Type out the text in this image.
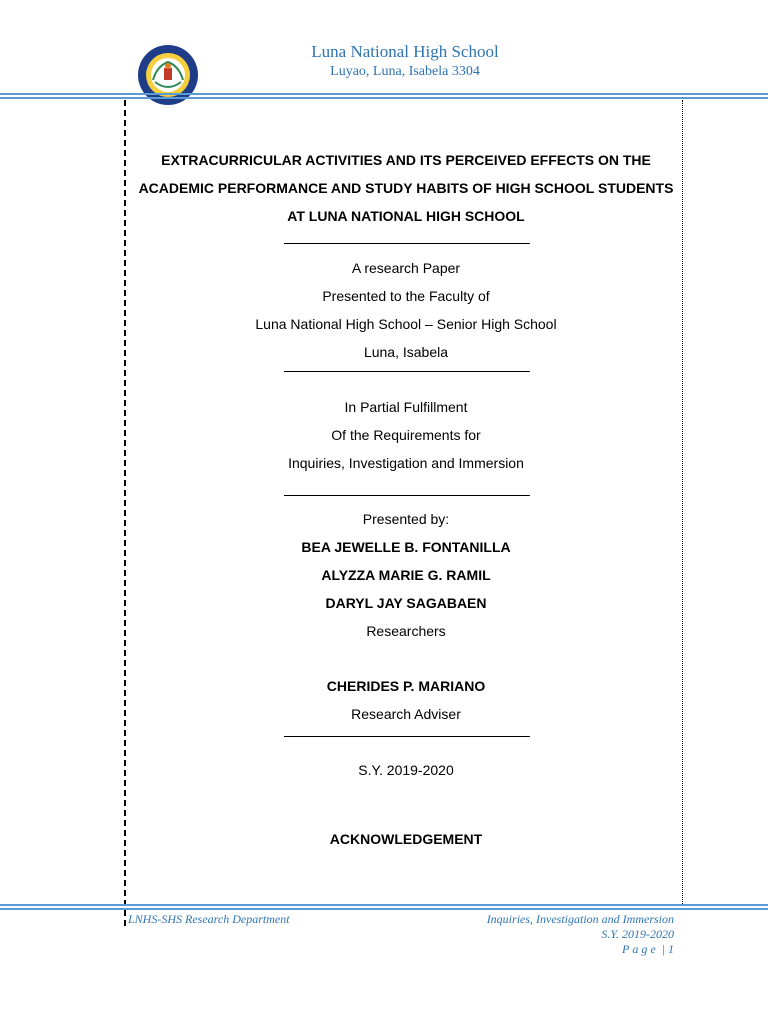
Luna National High School
Luyao, Luna, Isabela 3304

EXTRACURRICULAR ACTIVITIES AND ITS PERCEIVED EFFECTS ON THE ACADEMIC PERFORMANCE AND STUDY HABITS OF HIGH SCHOOL STUDENTS AT LUNA NATIONAL HIGH SCHOOL

A research Paper
Presented to the Faculty of
Luna National High School – Senior High School
Luna, Isabela
In Partial Fulfillment
Of the Requirements for
Inquiries, Investigation and Immersion
Presented by:
BEA JEWELLE B. FONTANILLA
ALYZZA MARIE G. RAMIL
DARYL JAY SAGABAEN
Researchers
CHERIDES P. MARIANO
Research Adviser
S.Y. 2019-2020
ACKNOWLEDGEMENT
LNHS-SHS Research Department	Inquiries, Investigation and Immersion
S.Y. 2019-2020
Page | 1
